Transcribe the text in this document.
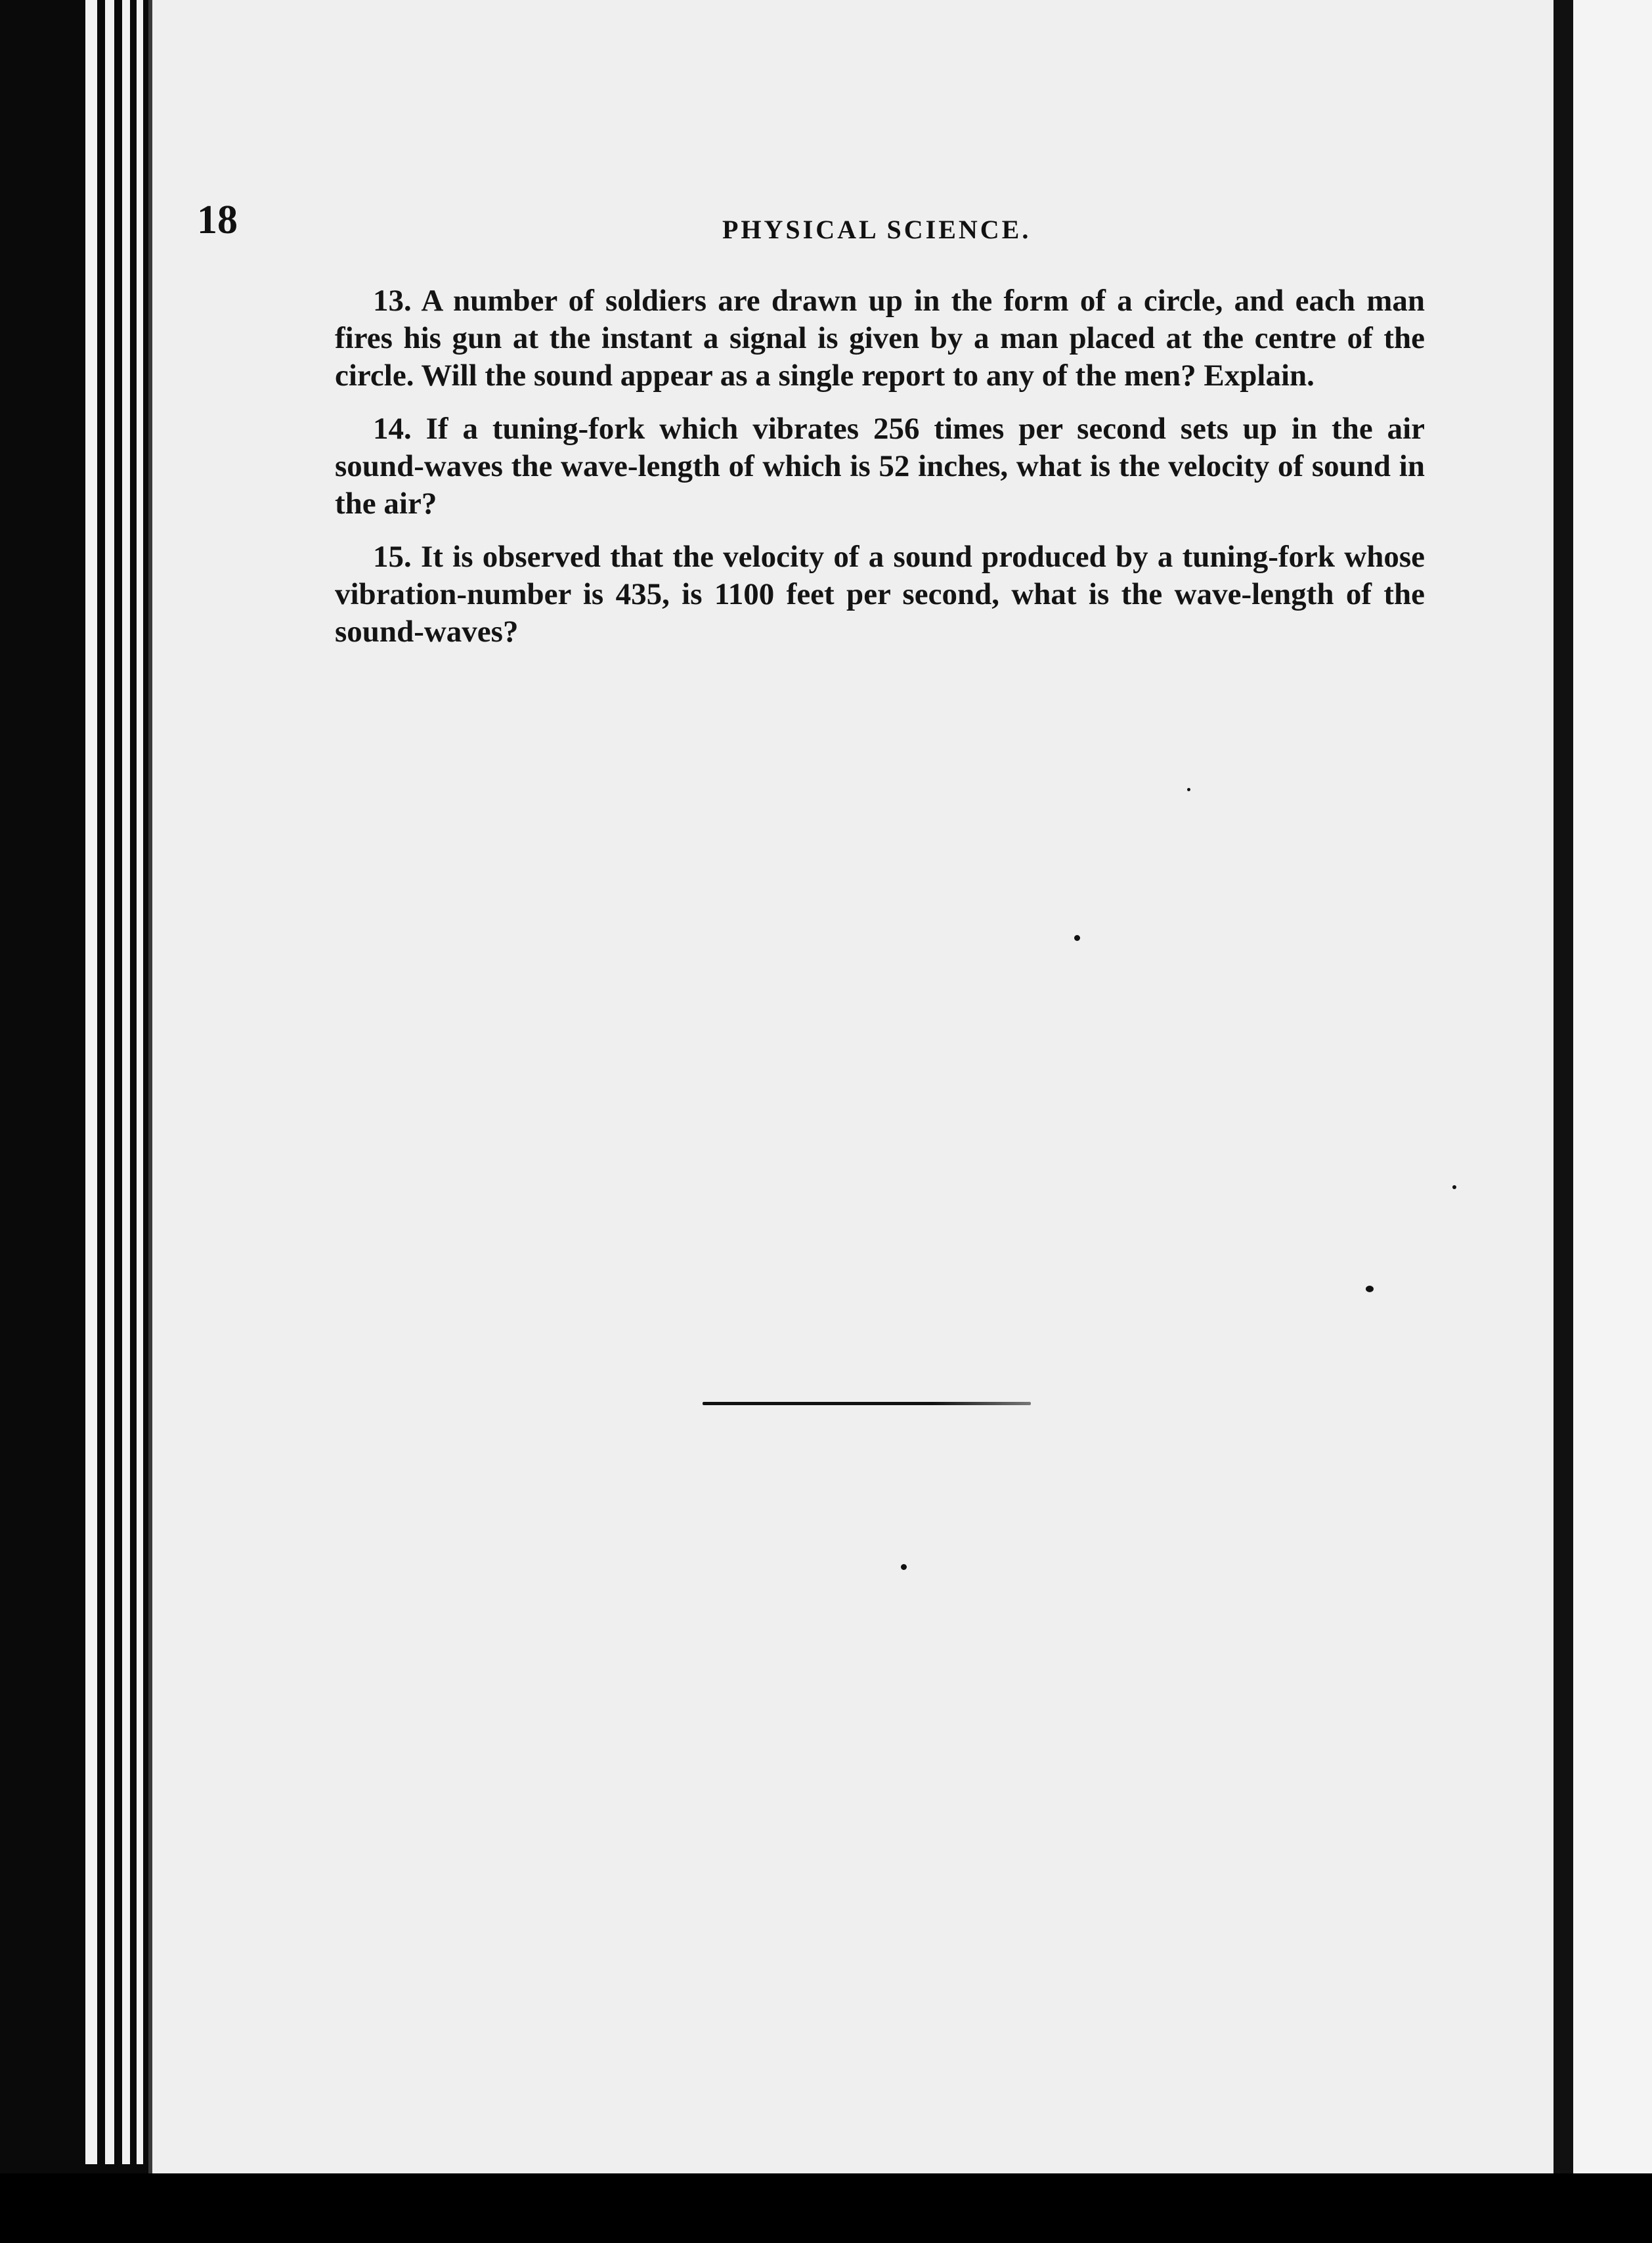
18	PHYSICAL SCIENCE.

13. A number of soldiers are drawn up in the form of a circle, and each man fires his gun at the instant a signal is given by a man placed at the centre of the circle. Will the sound appear as a single report to any of the men? Explain.

14. If a tuning-fork which vibrates 256 times per second sets up in the air sound-waves the wave-length of which is 52 inches, what is the velocity of sound in the air?

15. It is observed that the velocity of a sound produced by a tuning-fork whose vibration-number is 435, is 1100 feet per second, what is the wave-length of the sound-waves?
